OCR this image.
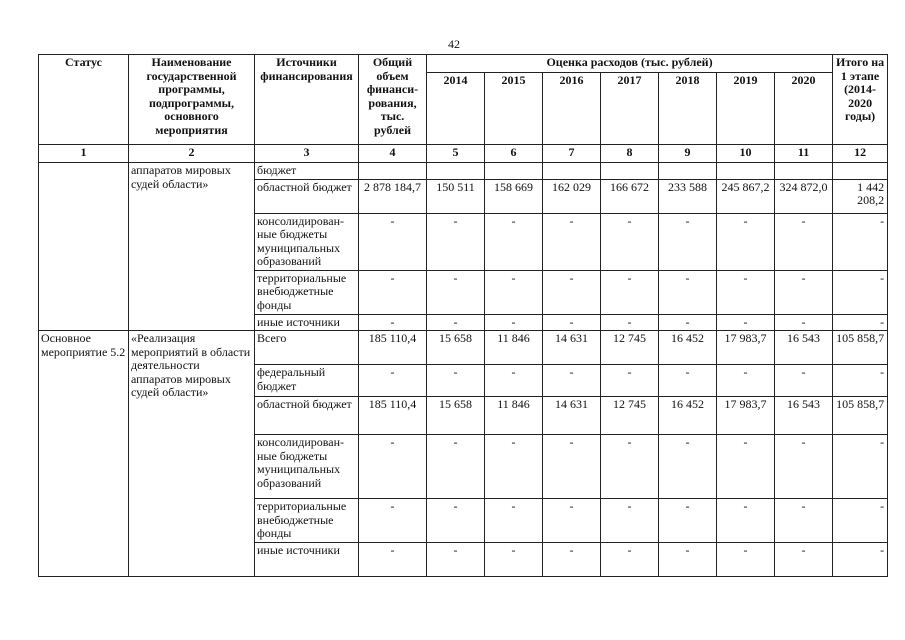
42
Статус	Наименование государственной программы, подпрограммы, основного мероприятия	Источники финансирования	Общий объем финанси- рования, тыс. рублей	Оценка расходов (тыс. рублей)							Итого на 1 этапе (2014- 2020 годы)
				2014	2015	2016	2017	2018	2019	2020	
1	2	3	4	5	6	7	8	9	10	11	12
	аппаратов мировых судей области»	бюджет									
		областной бюджет	2 878 184,7	150 511	158 669	162 029	166 672	233 588	245 867,2	324 872,0	1 442 208,2
		консолидирован- ные бюджеты муниципальных образований	-	-	-	-	-	-	-	-	-
		территориальные внебюджетные фонды	-	-	-	-	-	-	-	-	-
		иные источники	-	-	-	-	-	-	-	-	-
Основное мероприятие 5.2	«Реализация мероприятий в области деятельности аппаратов мировых судей области»	Всего	185 110,4	15 658	11 846	14 631	12 745	16 452	17 983,7	16 543	105 858,7
		федеральный бюджет	-	-	-	-	-	-	-	-	-
		областной бюджет	185 110,4	15 658	11 846	14 631	12 745	16 452	17 983,7	16 543	105 858,7
		консолидирован- ные бюджеты муниципальных образований	-	-	-	-	-	-	-	-	-
		территориальные внебюджетные фонды	-	-	-	-	-	-	-	-	-
		иные источники	-	-	-	-	-	-	-	-	-
